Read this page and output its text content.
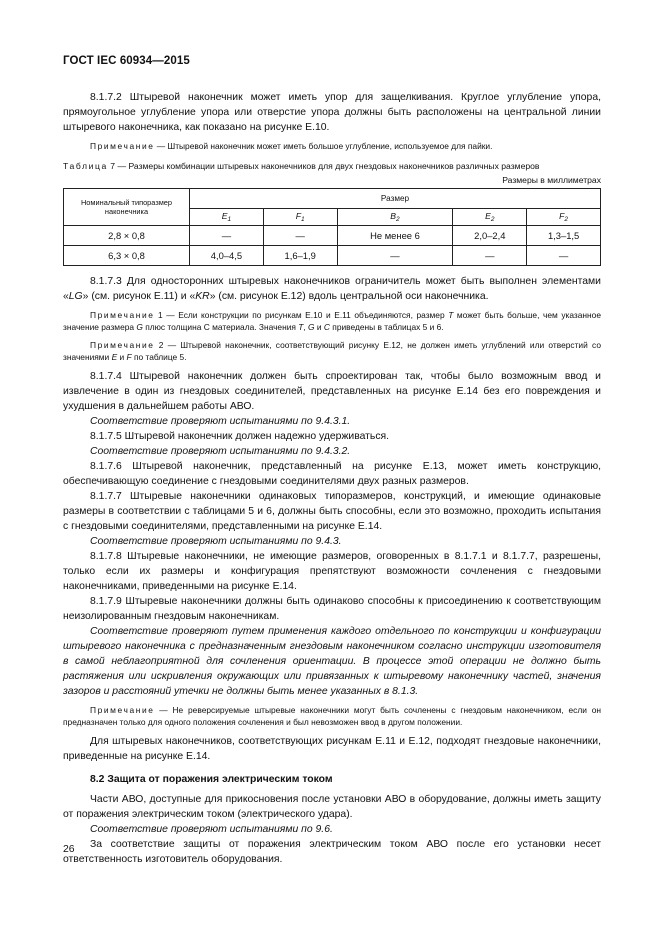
ГОСТ IEC 60934—2015

8.1.7.2 Штыревой наконечник может иметь упор для защелкивания. Круглое углубление упора, прямоугольное углубление упора или отверстие упора должны быть расположены на центральной линии штыревого наконечника, как показано на рисунке E.10.

Примечание — Штыревой наконечник может иметь большое углубление, используемое для пайки.

Таблица 7 — Размеры комбинации штыревых наконечников для двух гнездовых наконечников различных размеров

Размеры в миллиметрах
Номинальный типоразмер наконечника	Размер				
	$E_1$	$F_1$	$B_2$	$E_2$	$F_2$
2,8 × 0,8	—	—	Не менее 6	2,0–2,4	1,3–1,5
6,3 × 0,8	4,0–4,5	1,6–1,9	—	—	—

8.1.7.3 Для односторонних штыревых наконечников ограничитель может быть выполнен элементами «LG» (см. рисунок E.11) и «KR» (см. рисунок E.12) вдоль центральной оси наконечника.

Примечание 1 — Если конструкции по рисункам E.10 и E.11 объединяются, размер T может быть больше, чем указанное значение размера G плюс толщина C материала. Значения T, G и C приведены в таблицах 5 и 6.

Примечание 2 — Штыревой наконечник, соответствующий рисунку E.12, не должен иметь углублений или отверстий со значениями E и F по таблице 5.

8.1.7.4 Штыревой наконечник должен быть спроектирован так, чтобы было возможным ввод и извлечение в один из гнездовых соединителей, представленных на рисунке E.14 без его повреждения и ухудшения в дальнейшем работы АВО.

Соответствие проверяют испытаниями по 9.4.3.1.

8.1.7.5 Штыревой наконечник должен надежно удерживаться.

Соответствие проверяют испытаниями по 9.4.3.2.

8.1.7.6 Штыревой наконечник, представленный на рисунке E.13, может иметь конструкцию, обеспечивающую соединение с гнездовыми соединителями двух разных размеров.

8.1.7.7 Штыревые наконечники одинаковых типоразмеров, конструкций, и имеющие одинаковые размеры в соответствии с таблицами 5 и 6, должны быть способны, если это возможно, проходить испытания с гнездовыми соединителями, представленными на рисунке E.14.

Соответствие проверяют испытаниями по 9.4.3.

8.1.7.8 Штыревые наконечники, не имеющие размеров, оговоренных в 8.1.7.1 и 8.1.7.7, разрешены, только если их размеры и конфигурация препятствуют возможности сочленения с гнездовыми наконечниками, приведенными на рисунке E.14.

8.1.7.9 Штыревые наконечники должны быть одинаково способны к присоединению к соответствующим неизолированным гнездовым наконечникам.

Соответствие проверяют путем применения каждого отдельного по конструкции и конфигурации штыревого наконечника с предназначенным гнездовым наконечником согласно инструкции изготовителя в самой неблагоприятной для сочленения ориентации. В процессе этой операции не должно быть растяжения или искривления окружающих или привязанных к штыревому наконечнику частей, значения зазоров и расстояний утечки не должны быть менее указанных в 8.1.3.

Примечание — Не реверсируемые штыревые наконечники могут быть сочленены с гнездовым наконечником, если он предназначен только для одного положения сочленения и был невозможен ввод в другом положении.

Для штыревых наконечников, соответствующих рисункам E.11 и E.12, подходят гнездовые наконечники, приведенные на рисунке E.14.

8.2 Защита от поражения электрическим током

Части АВО, доступные для прикосновения после установки АВО в оборудование, должны иметь защиту от поражения электрическим током (электрического удара).

Соответствие проверяют испытаниями по 9.6.

За соответствие защиты от поражения электрическим током АВО после его установки несет ответственность изготовитель оборудования.

26
